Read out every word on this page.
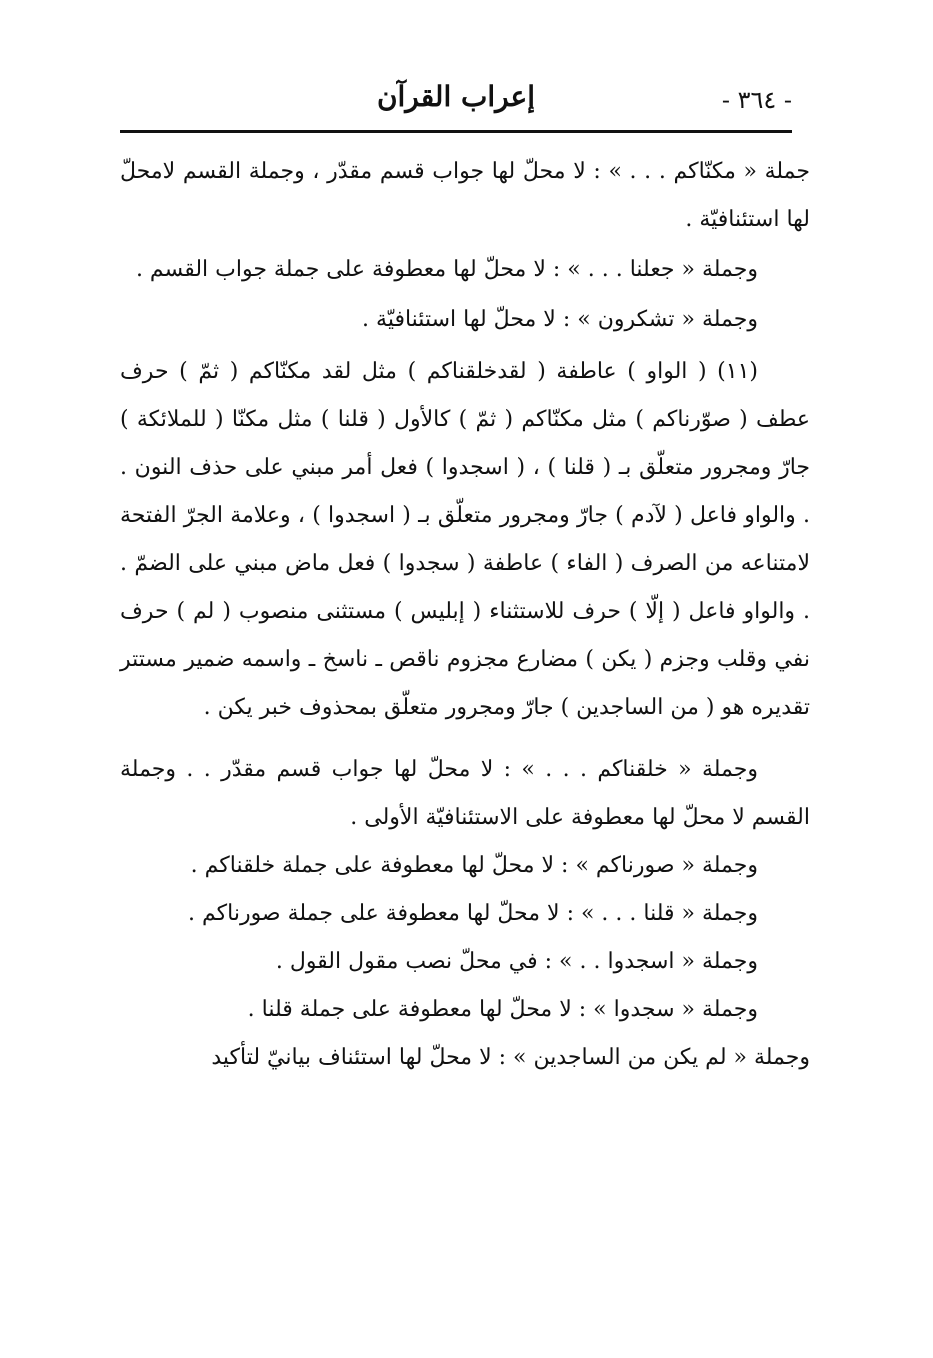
- ٣٦٤ -
إعراب القرآن

جملة « مكنّاكم . . . » : لا محلّ لها جواب قسم مقدّر ، وجملة القسم لامحلّ لها استئنافيّة .

وجملة « جعلنا . . . » : لا محلّ لها معطوفة على جملة جواب القسم .

وجملة « تشكرون » : لا محلّ لها استئنافيّة .

(١١) ( الواو ) عاطفة ( لقدخلقناكم ) مثل لقد مكنّاكم ( ثمّ ) حرف عطف ( صوّرناكم ) مثل مكنّاكم ( ثمّ ) كالأول ( قلنا ) مثل مكنّا ( للملائكة ) جارّ ومجرور متعلّق بـ ( قلنا ) ، ( اسجدوا ) فعل أمر مبني على حذف النون . . والواو فاعل ( لآدم ) جارّ ومجرور متعلّق بـ ( اسجدوا ) ، وعلامة الجرّ الفتحة لامتناعه من الصرف ( الفاء ) عاطفة ( سجدوا ) فعل ماض مبني على الضمّ . . والواو فاعل ( إلّا ) حرف للاستثناء ( إبليس ) مستثنى منصوب ( لم ) حرف نفي وقلب وجزم ( يكن ) مضارع مجزوم ناقص ـ ناسخ ـ واسمه ضمير مستتر تقديره هو ( من الساجدين ) جارّ ومجرور متعلّق بمحذوف خبر يكن .

وجملة « خلقناكم . . . » : لا محلّ لها جواب قسم مقدّر . . وجملة القسم لا محلّ لها معطوفة على الاستئنافيّة الأولى .

وجملة « صورناكم » : لا محلّ لها معطوفة على جملة خلقناكم .

وجملة « قلنا . . . » : لا محلّ لها معطوفة على جملة صورناكم .

وجملة « اسجدوا . . » : في محلّ نصب مقول القول .

وجملة « سجدوا » : لا محلّ لها معطوفة على جملة قلنا .

وجملة « لم يكن من الساجدين » : لا محلّ لها استئناف بيانيّ لتأكيد
